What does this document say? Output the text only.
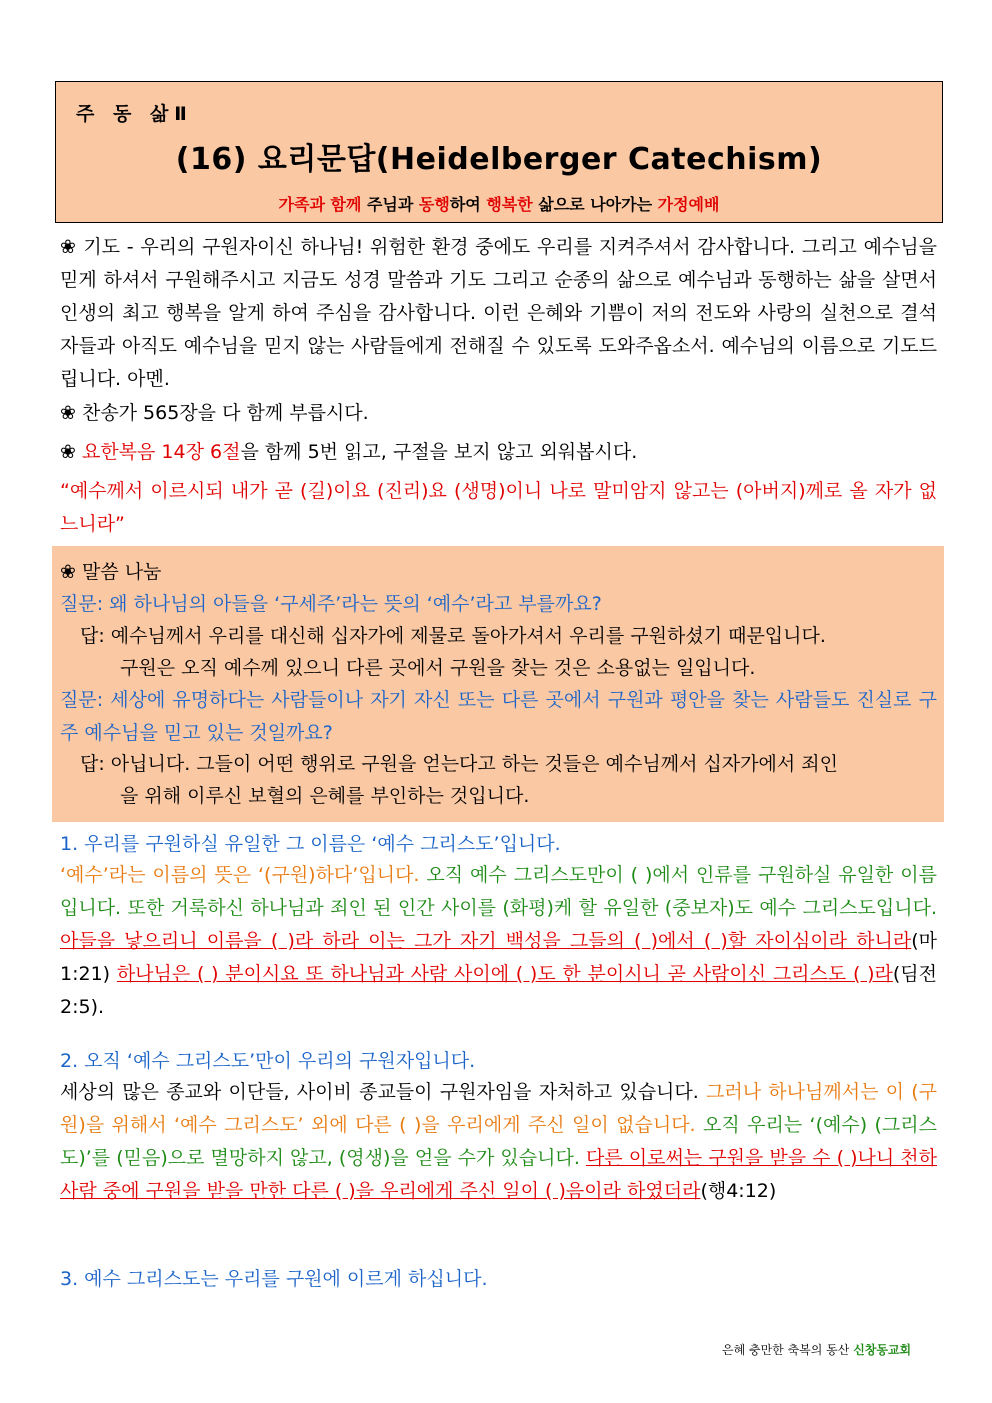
주 동 삶Ⅱ
(16) 요리문답(Heidelberger Catechism)
가족과 함께 주님과 동행하여 행복한 삶으로 나아가는 가정예배
❀ 기도 - 우리의 구원자이신 하나님! 위험한 환경 중에도 우리를 지켜주셔서 감사합니다. 그리고 예수님을 믿게 하셔서 구원해주시고 지금도 성경 말씀과 기도 그리고 순종의 삶으로 예수님과 동행하는 삶을 살면서 인생의 최고 행복을 알게 하여 주심을 감사합니다. 이런 은혜와 기쁨이 저의 전도와 사랑의 실천으로 결석자들과 아직도 예수님을 믿지 않는 사람들에게 전해질 수 있도록 도와주옵소서. 예수님의 이름으로 기도드립니다. 아멘.
❀ 찬송가 565장을 다 함께 부릅시다.
❀ 요한복음 14장 6절을 함께 5번 읽고, 구절을 보지 않고 외워봅시다.
“예수께서 이르시되 내가 곧 (길)이요 (진리)요 (생명)이니 나로 말미암지 않고는 (아버지)께로 올 자가 없느니라”
❀ 말씀 나눔
질문: 왜 하나님의 아들을 ‘구세주’라는 뜻의 ‘예수’라고 부를까요?
답: 예수님께서 우리를 대신해 십자가에 제물로 돌아가셔서 우리를 구원하셨기 때문입니다.
구원은 오직 예수께 있으니 다른 곳에서 구원을 찾는 것은 소용없는 일입니다.
질문: 세상에 유명하다는 사람들이나 자기 자신 또는 다른 곳에서 구원과 평안을 찾는 사람들도 진실로 구주 예수님을 믿고 있는 것일까요?
답: 아닙니다. 그들이 어떤 행위로 구원을 얻는다고 하는 것들은 예수님께서 십자가에서 죄인
을 위해 이루신 보혈의 은혜를 부인하는 것입니다.
1. 우리를 구원하실 유일한 그 이름은 ‘예수 그리스도’입니다.
‘예수’라는 이름의 뜻은 ‘(구원)하다’입니다. 오직 예수 그리스도만이 ( )에서 인류를 구원하실 유일한 이름입니다. 또한 거룩하신 하나님과 죄인 된 인간 사이를 (화평)케 할 유일한 (중보자)도 예수 그리스도입니다. 아들을 낳으리니 이름을 ( )라 하라 이는 그가 자기 백성을 그들의 ( )에서 ( )할 자이심이라 하니라(마1:21) 하나님은 ( ) 분이시요 또 하나님과 사람 사이에 ( )도 한 분이시니 곧 사람이신 그리스도 ( )라(딤전2:5).
2. 오직 ‘예수 그리스도’만이 우리의 구원자입니다.
세상의 많은 종교와 이단들, 사이비 종교들이 구원자임을 자처하고 있습니다. 그러나 하나님께서는 이 (구원)을 위해서 ‘예수 그리스도’ 외에 다른 ( )을 우리에게 주신 일이 없습니다. 오직 우리는 ‘(예수) (그리스도)’를 (믿음)으로 멸망하지 않고, (영생)을 얻을 수가 있습니다. 다른 이로써는 구원을 받을 수 ( )나니 천하 사람 중에 구원을 받을 만한 다른 ( )을 우리에게 주신 일이 ( )음이라 하였더라(행4:12)
3. 예수 그리스도는 우리를 구원에 이르게 하십니다.
은혜 충만한 축복의 동산 신창동교회
